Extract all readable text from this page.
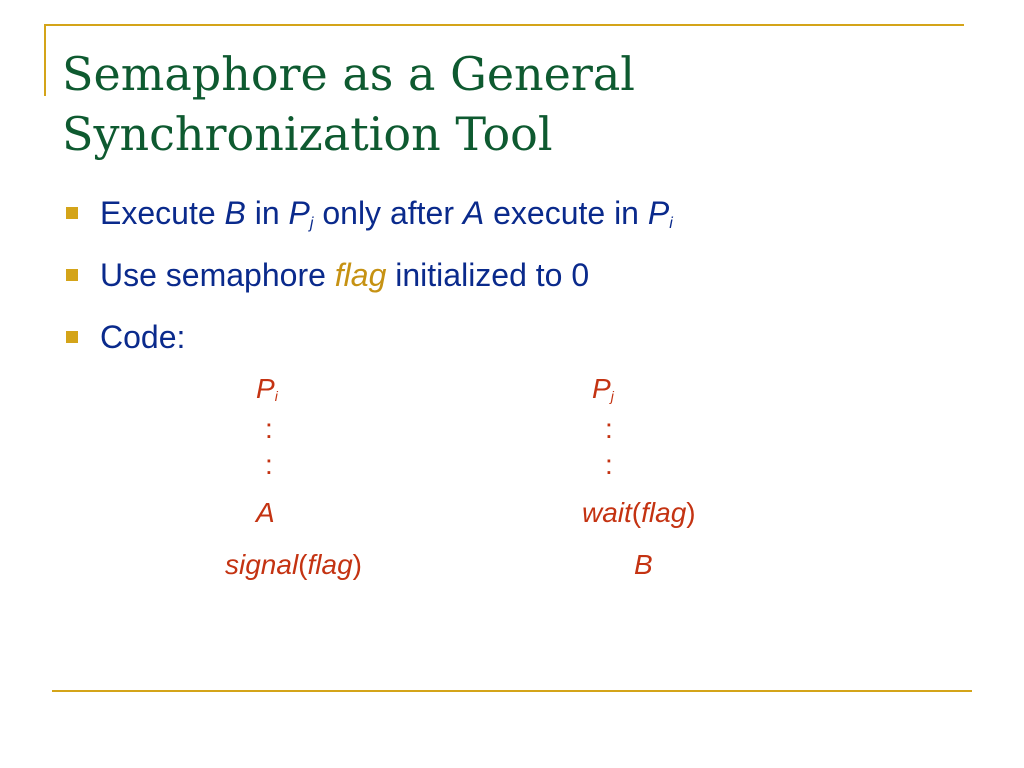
Semaphore as a General
Synchronization Tool
Execute B in $P_j$ only after A execute in $P_i$
Use semaphore flag initialized to 0
Code:
$P_i$
:
:
A
signal(flag)
$P_j$
:
:
wait(flag)
B
